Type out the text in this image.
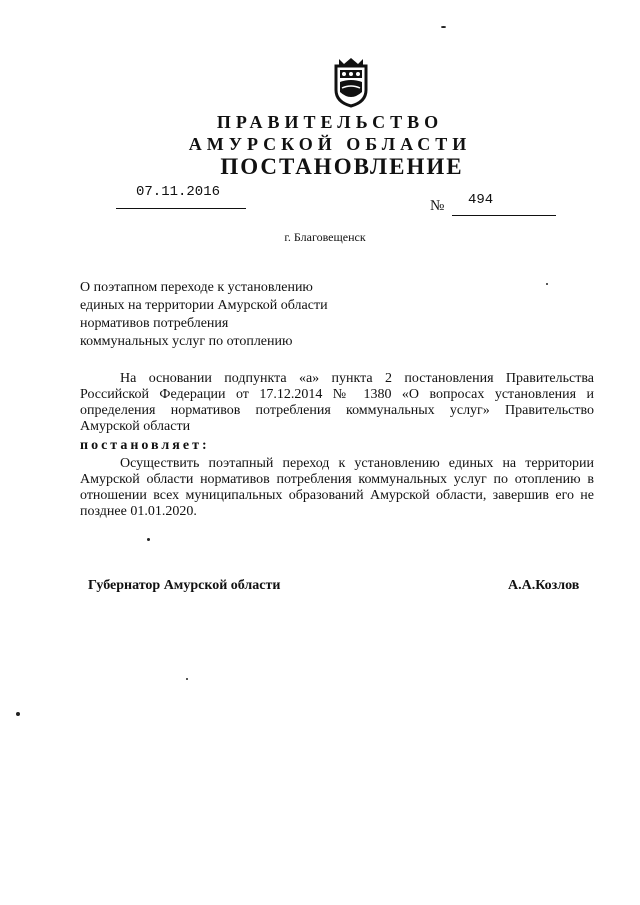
ПРАВИТЕЛЬСТВО
АМУРСКОЙ ОБЛАСТИ
ПОСТАНОВЛЕНИЕ
07.11.2016
№ 494
г. Благовещенск
О поэтапном переходе к установлению
единых на территории Амурской области
нормативов потребления
коммунальных услуг по отоплению
На основании подпункта «а» пункта 2 постановления Правительства Российской Федерации от 17.12.2014 № 1380 «О вопросах установления и определения нормативов потребления коммунальных услуг» Правительство Амурской области
постановляет:
Осуществить поэтапный переход к установлению единых на территории Амурской области нормативов потребления коммунальных услуг по отоплению в отношении всех муниципальных образований Амурской области, завершив его не позднее 01.01.2020.
Губернатор Амурской области	А.А.Козлов
